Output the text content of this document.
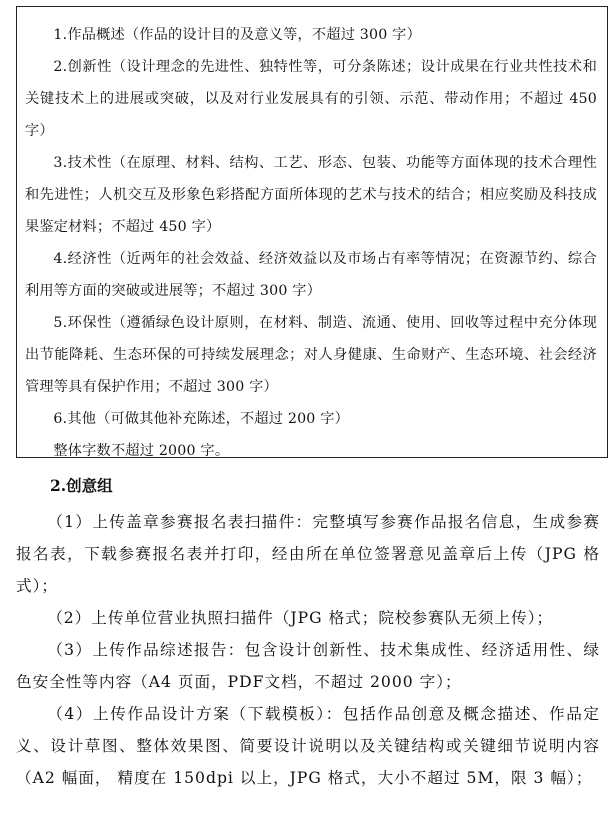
1.作品概述（作品的设计目的及意义等，不超过 300 字）

2.创新性（设计理念的先进性、独特性等，可分条陈述；设计成果在行业共性技术和关键技术上的进展或突破，以及对行业发展具有的引领、示范、带动作用；不超过 450 字）

3.技术性（在原理、材料、结构、工艺、形态、包装、功能等方面体现的技术合理性和先进性；人机交互及形象色彩搭配方面所体现的艺术与技术的结合；相应奖励及科技成果鉴定材料；不超过 450 字）

4.经济性（近两年的社会效益、经济效益以及市场占有率等情况；在资源节约、综合利用等方面的突破或进展等；不超过 300 字）

5.环保性（遵循绿色设计原则，在材料、制造、流通、使用、回收等过程中充分体现出节能降耗、生态环保的可持续发展理念；对人身健康、生命财产、生态环境、社会经济管理等具有保护作用；不超过 300 字）

6.其他（可做其他补充陈述，不超过 200 字）

整体字数不超过 2000 字。

2.创意组

（1）上传盖章参赛报名表扫描件：完整填写参赛作品报名信息，生成参赛报名表，下载参赛报名表并打印，经由所在单位签署意见盖章后上传（JPG 格式）；

（2）上传单位营业执照扫描件（JPG 格式；院校参赛队无须上传）；

（3）上传作品综述报告：包含设计创新性、技术集成性、经济适用性、绿色安全性等内容（A4 页面，PDF文档，不超过 2000 字）；

（4）上传作品设计方案（下载模板）：包括作品创意及概念描述、作品定义、设计草图、整体效果图、简要设计说明以及关键结构或关键细节说明内容（A2 幅面， 精度在 150dpi 以上，JPG 格式，大小不超过 5M，限 3 幅）；
